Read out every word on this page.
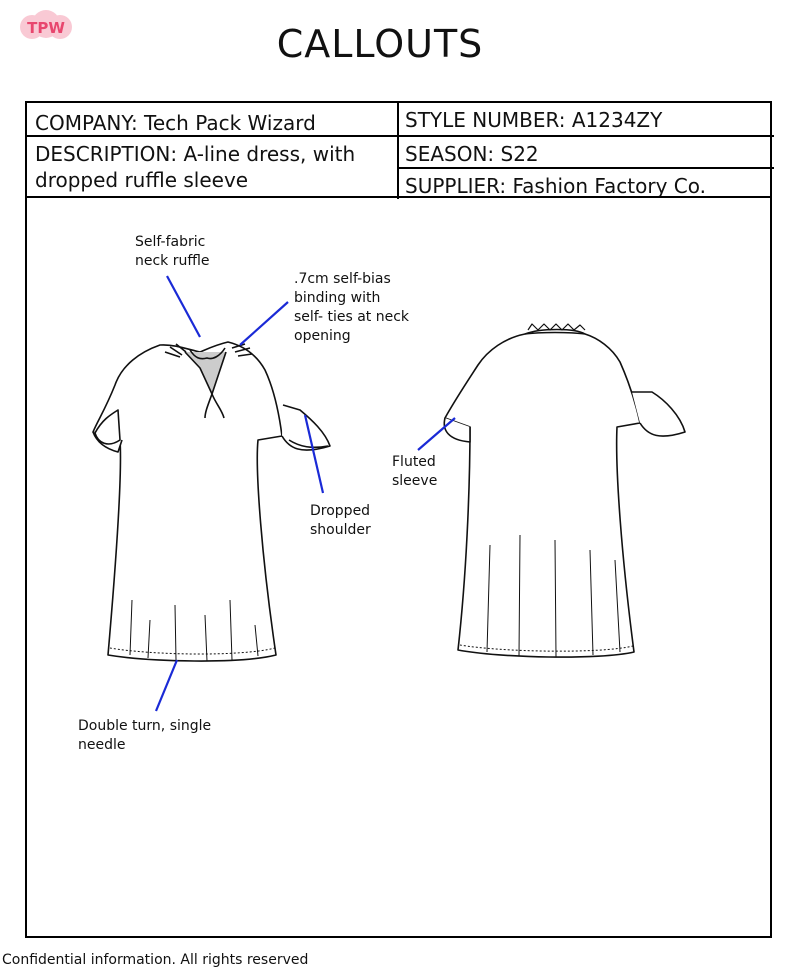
TPW	CALLOUTS
COMPANY: Tech Pack Wizard	STYLE NUMBER: A1234ZY
DESCRIPTION: A-line dress, with dropped ruffle sleeve
SEASON: S22
SUPPLIER: Fashion Factory Co.
Self-fabric
neck ruffle
.7cm self-bias
binding with
self- ties at neck
opening
Dropped
shoulder
Double turn, single
needle
Fluted
sleeve
Confidential information. All rights reserved
